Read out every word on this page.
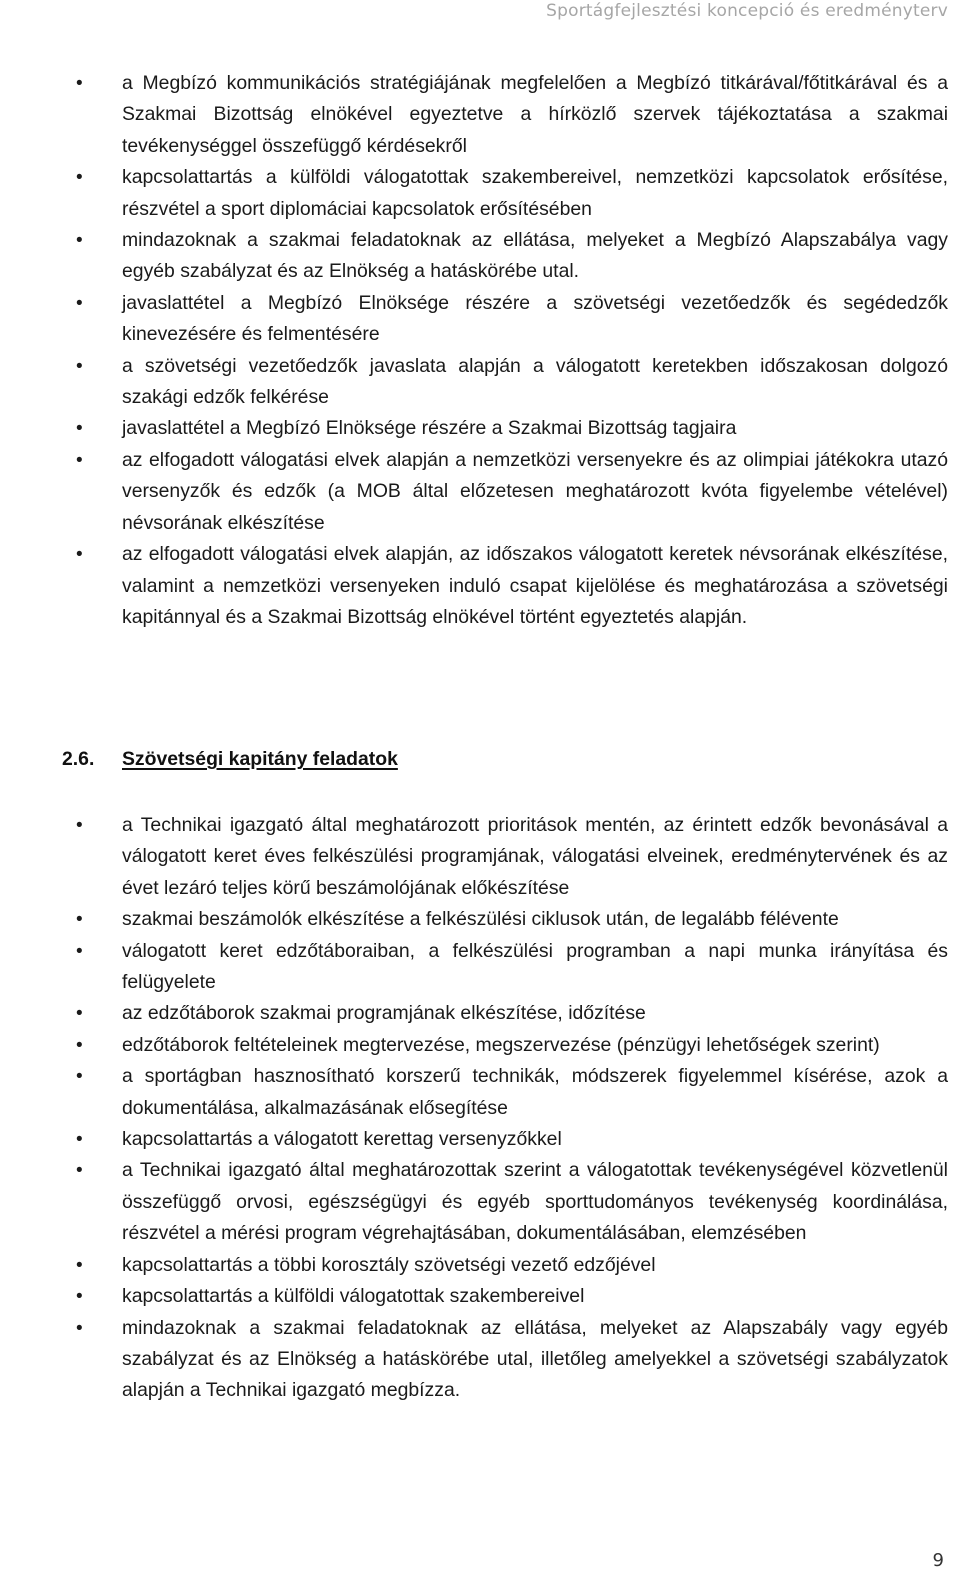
Sportágfejlesztési koncepció és eredményterv
• a Megbízó kommunikációs stratégiájának megfelelően a Megbízó titkárával/főtitkárával és a Szakmai Bizottság elnökével egyeztetve a hírközlő szervek tájékoztatása a szakmai tevékenységgel összefüggő kérdésekről
• kapcsolattartás a külföldi válogatottak szakembereivel, nemzetközi kapcsolatok erősítése, részvétel a sport diplomáciai kapcsolatok erősítésében
• mindazoknak a szakmai feladatoknak az ellátása, melyeket a Megbízó Alapszabálya vagy egyéb szabályzat és az Elnökség a hatáskörébe utal.
• javaslattétel a Megbízó Elnöksége részére a szövetségi vezetőedzők és segédedzők kinevezésére és felmentésére
• a szövetségi vezetőedzők javaslata alapján a válogatott keretekben időszakosan dolgozó szakági edzők felkérése
• javaslattétel a Megbízó Elnöksége részére a Szakmai Bizottság tagjaira
• az elfogadott válogatási elvek alapján a nemzetközi versenyekre és az olimpiai játékokra utazó versenyzők és edzők (a MOB által előzetesen meghatározott kvóta figyelembe vételével) névsorának elkészítése
• az elfogadott válogatási elvek alapján, az időszakos válogatott keretek névsorának elkészítése, valamint a nemzetközi versenyeken induló csapat kijelölése és meghatározása a szövetségi kapitánnyal és a Szakmai Bizottság elnökével történt egyeztetés alapján.
2.6. Szövetségi kapitány feladatok
• a Technikai igazgató által meghatározott prioritások mentén, az érintett edzők bevonásával a válogatott keret éves felkészülési programjának, válogatási elveinek, eredménytervének és az évet lezáró teljes körű beszámolójának előkészítése
• szakmai beszámolók elkészítése a felkészülési ciklusok után, de legalább félévente
• válogatott keret edzőtáboraiban, a felkészülési programban a napi munka irányítása és felügyelete
• az edzőtáborok szakmai programjának elkészítése, időzítése
• edzőtáborok feltételeinek megtervezése, megszervezése (pénzügyi lehetőségek szerint)
• a sportágban hasznosítható korszerű technikák, módszerek figyelemmel kísérése, azok a dokumentálása, alkalmazásának elősegítése
• kapcsolattartás a válogatott kerettag versenyzőkkel
• a Technikai igazgató által meghatározottak szerint a válogatottak tevékenységével közvetlenül összefüggő orvosi, egészségügyi és egyéb sporttudományos tevékenység koordinálása, részvétel a mérési program végrehajtásában, dokumentálásában, elemzésében
• kapcsolattartás a többi korosztály szövetségi vezető edzőjével
• kapcsolattartás a külföldi válogatottak szakembereivel
• mindazoknak a szakmai feladatoknak az ellátása, melyeket az Alapszabály vagy egyéb szabályzat és az Elnökség a hatáskörébe utal, illetőleg amelyekkel a szövetségi szabályzatok alapján a Technikai igazgató megbízza.
9
